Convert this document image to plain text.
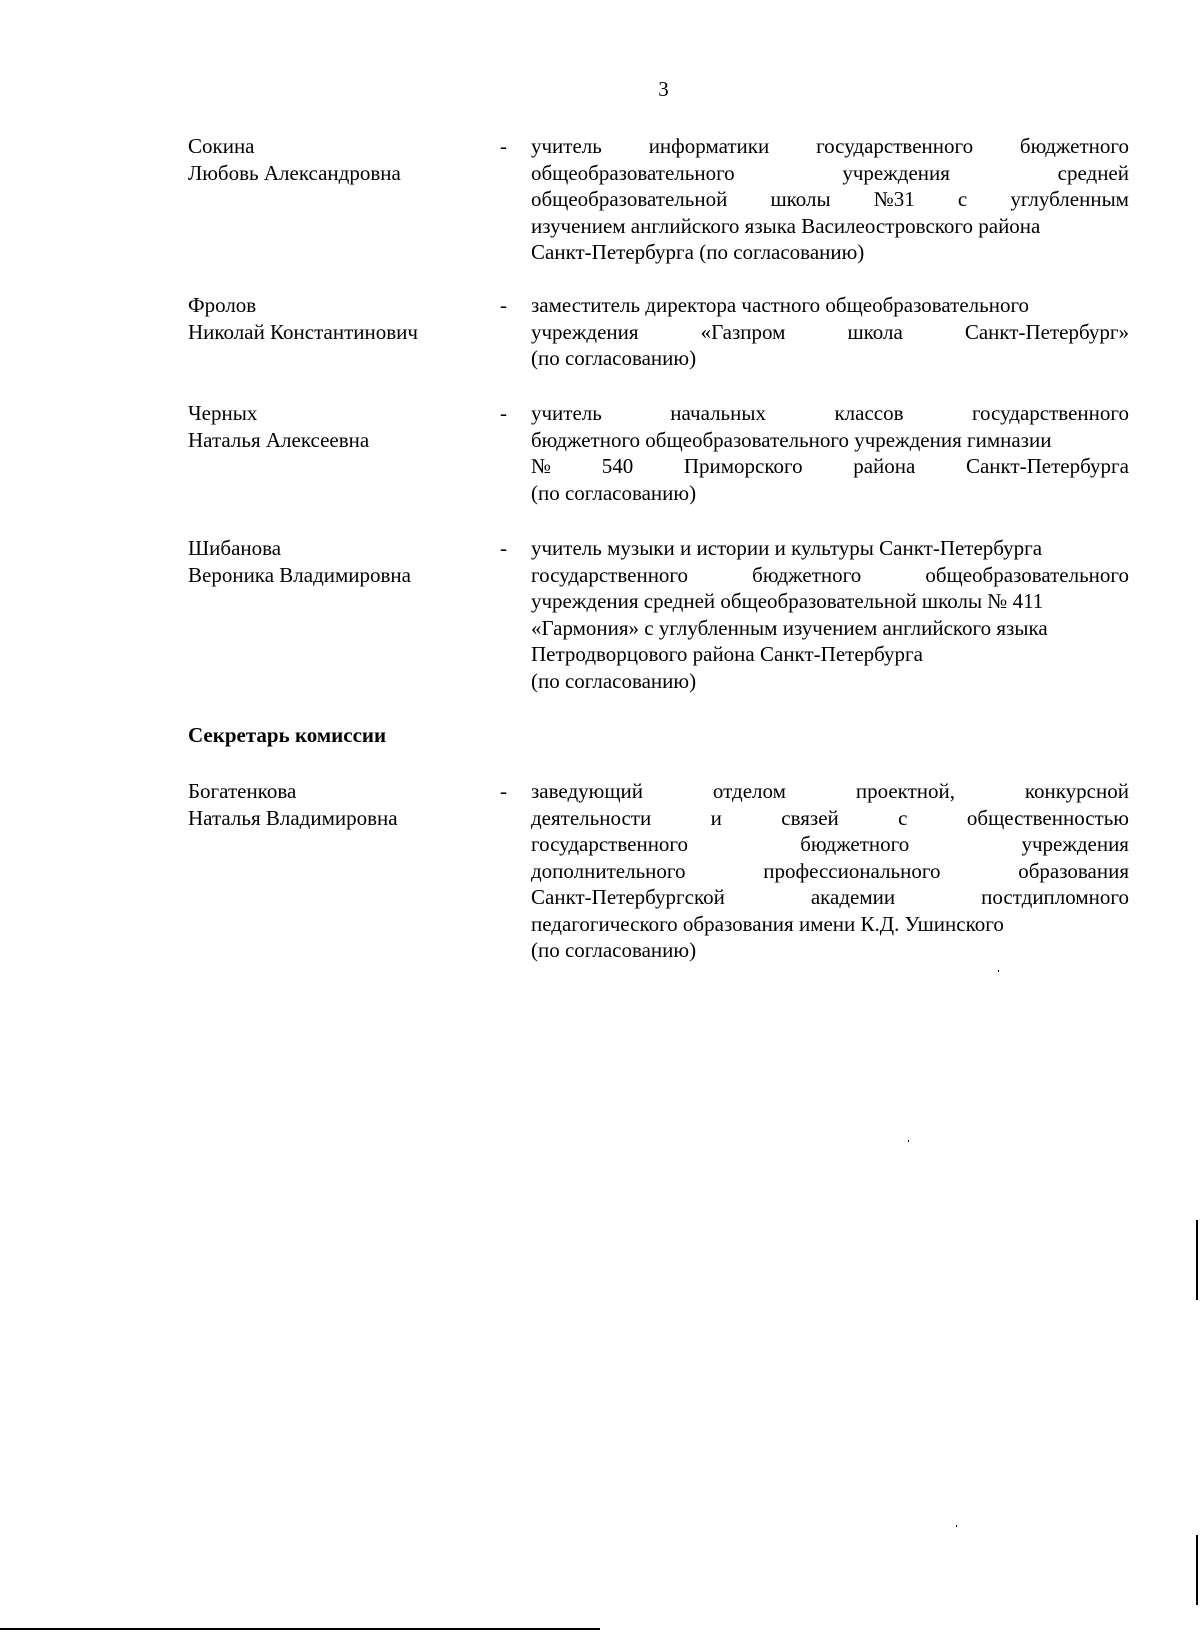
3
Сокина
Любовь Александровна
- учитель информатики государственного бюджетного
общеобразовательного	учреждения	средней
общеобразовательной школы №31 с углубленным
изучением английского языка Василеостровского района
Санкт-Петербурга (по согласованию)
Фролов
Николай Константинович
- заместитель директора частного общеобразовательного
учреждения	«Газпром	школа	Санкт-Петербург»
(по согласованию)
Черных
Наталья Алексеевна
- учитель	начальных	классов	государственного
бюджетного общеобразовательного учреждения гимназии
№ 540 Приморского района Санкт-Петербурга
(по согласованию)
Шибанова
Вероника Владимировна
- учитель музыки и истории и культуры Санкт-Петербурга
государственного	бюджетного	общеобразовательного
учреждения средней общеобразовательной школы № 411
«Гармония» с углубленным изучением английского языка
Петродворцового района Санкт-Петербурга
(по согласованию)
Секретарь комиссии
Богатенкова
Наталья Владимировна
- заведующий	отделом	проектной,	конкурсной
деятельности	и	связей	с	общественностью
государственного	бюджетного	учреждения
дополнительного	профессионального	образования
Санкт-Петербургской	академии	постдипломного
педагогического образования имени К.Д. Ушинского
(по согласованию)
